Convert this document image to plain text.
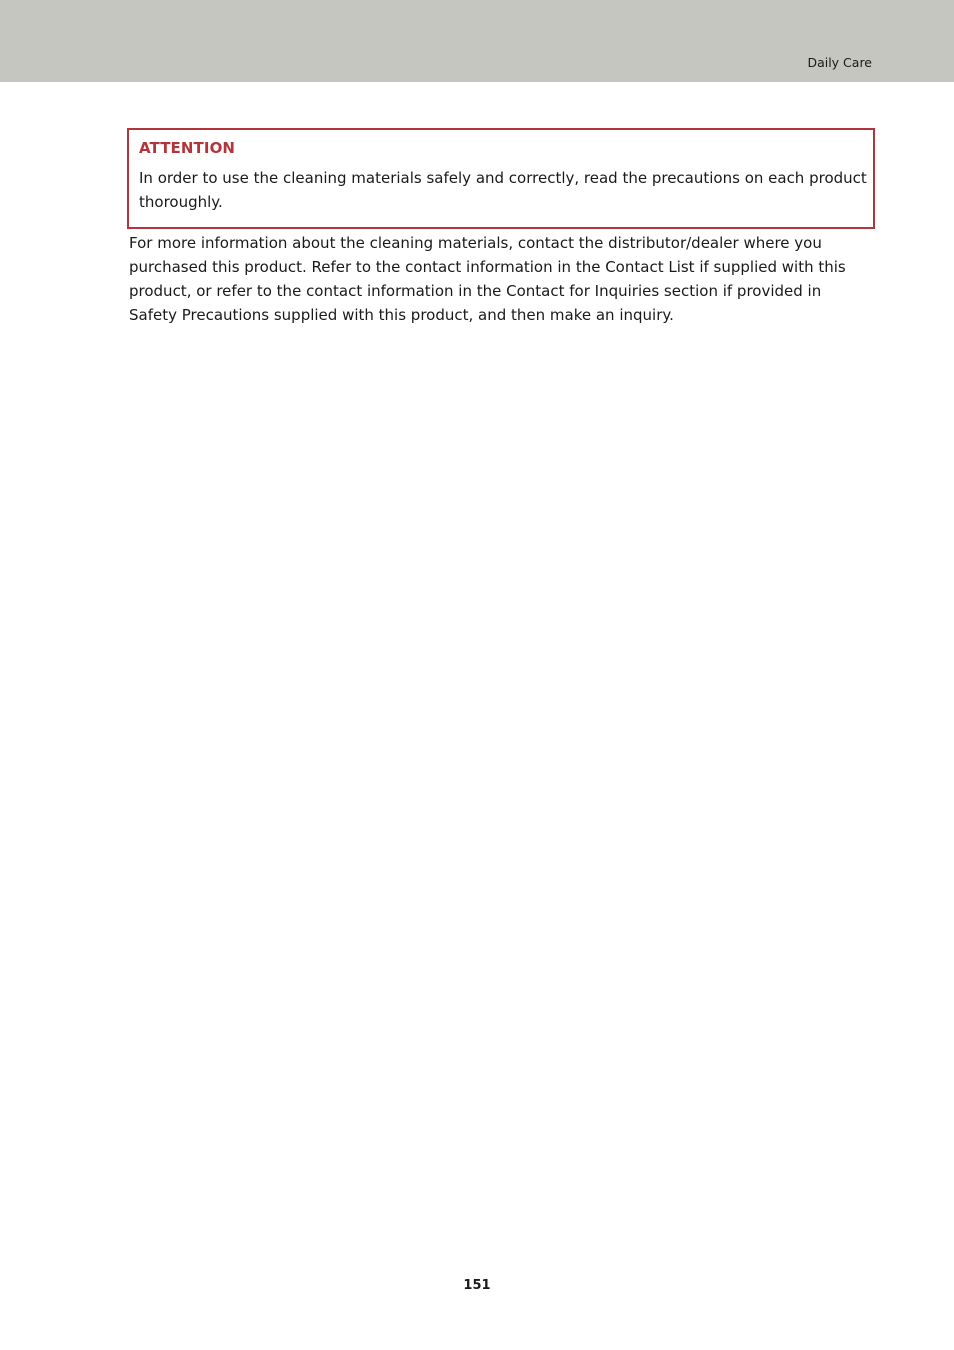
Daily Care
ATTENTION
In order to use the cleaning materials safely and correctly, read the precautions on each product thoroughly.
For more information about the cleaning materials, contact the distributor/dealer where you purchased this product. Refer to the contact information in the Contact List if supplied with this product, or refer to the contact information in the Contact for Inquiries section if provided in Safety Precautions supplied with this product, and then make an inquiry.
151
